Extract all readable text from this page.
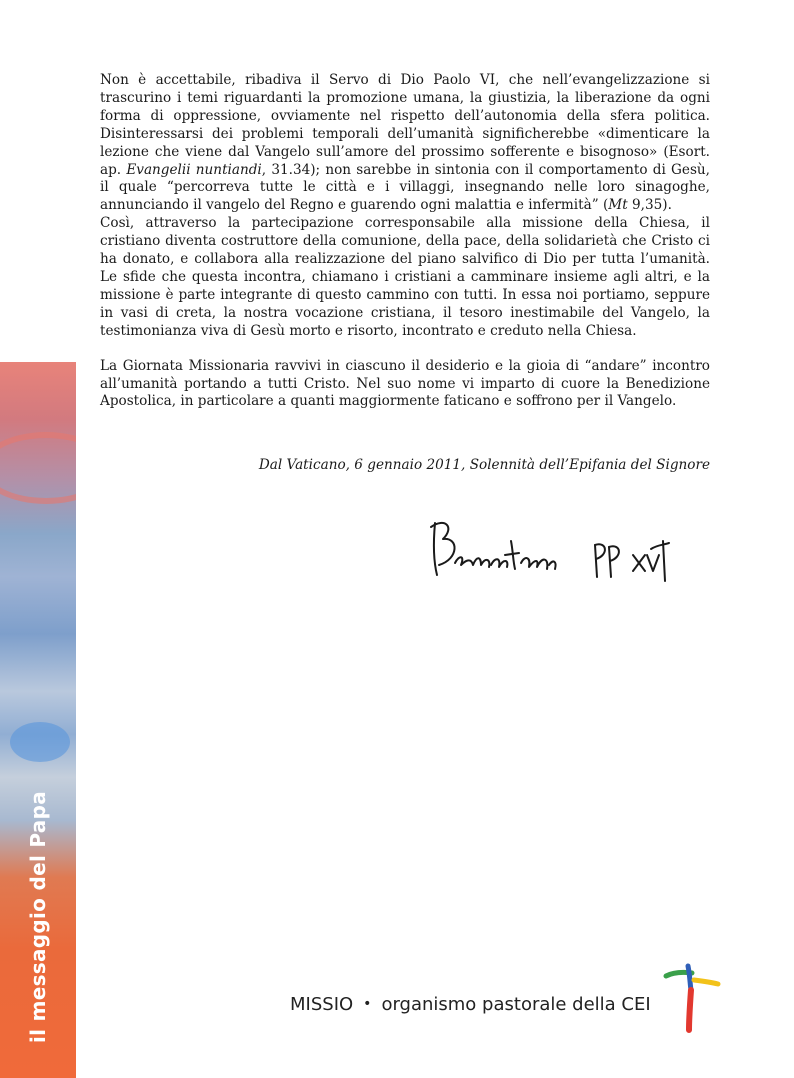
il messaggio del Papa

Non è accettabile, ribadiva il Servo di Dio Paolo VI, che nell’evangelizzazione si trascurino i temi riguardanti la promozione umana, la giustizia, la liberazione da ogni forma di oppressione, ovviamente nel rispetto dell’autonomia della sfera politica. Disinteressarsi dei problemi temporali dell’umanità significherebbe «dimenticare la lezione che viene dal Vangelo sull’amore del prossimo sofferente e bisognoso» (Esort. ap. Evangelii nuntiandi, 31.34); non sarebbe in sintonia con il comportamento di Gesù, il quale “percorreva tutte le città e i villaggi, insegnando nelle loro sinagoghe, annunciando il vangelo del Regno e guarendo ogni malattia e infermità” (Mt 9,35).

Così, attraverso la partecipazione corresponsabile alla missione della Chiesa, il cristiano diventa costruttore della comunione, della pace, della solidarietà che Cristo ci ha donato, e collabora alla realizzazione del piano salvifico di Dio per tutta l’umanità. Le sfide che questa incontra, chiamano i cristiani a camminare insieme agli altri, e la missione è parte integrante di questo cammino con tutti. In essa noi portiamo, seppure in vasi di creta, la nostra vocazione cristiana, il tesoro inestimabile del Vangelo, la testimonianza viva di Gesù morto e risorto, incontrato e creduto nella Chiesa.

La Giornata Missionaria ravvivi in ciascuno il desiderio e la gioia di “andare” incontro all’umanità portando a tutti Cristo. Nel suo nome vi imparto di cuore la Benedizione Apostolica, in particolare a quanti maggiormente faticano e soffrono per il Vangelo.

Dal Vaticano, 6 gennaio 2011, Solennità dell’Epifania del Signore
MISSIO • organismo pastorale della CEI
